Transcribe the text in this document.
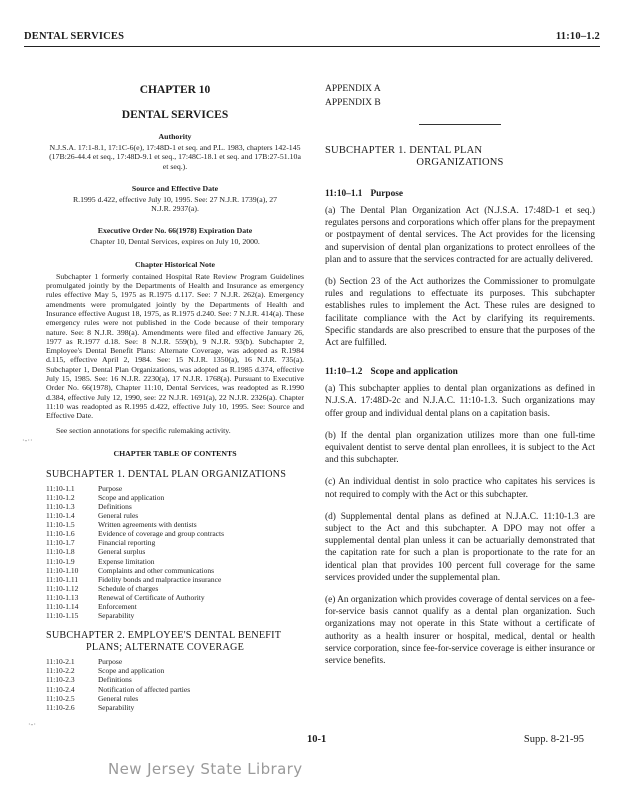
DENTAL SERVICES	11:10–1.2
CHAPTER 10
DENTAL SERVICES
Authority
N.J.S.A. 17:1-8.1, 17:1C-6(e), 17:48D-1 et seq. and P.L. 1983, chapters 142-145 (17B:26-44.4 et seq., 17:48D-9.1 et seq., 17:48C-18.1 et seq. and 17B:27-51.10a et seq.).
Source and Effective Date
R.1995 d.422, effective July 10, 1995. See: 27 N.J.R. 1739(a), 27 N.J.R. 2937(a).
Executive Order No. 66(1978) Expiration Date
Chapter 10, Dental Services, expires on July 10, 2000.
Chapter Historical Note
Subchapter 1 formerly contained Hospital Rate Review Program Guidelines promulgated jointly by the Departments of Health and Insurance as emergency rules effective May 5, 1975 as R.1975 d.117. See: 7 N.J.R. 262(a). Emergency amendments were promulgated jointly by the Departments of Health and Insurance effective August 18, 1975, as R.1975 d.240. See: 7 N.J.R. 414(a). These emergency rules were not published in the Code because of their temporary nature. See: 8 N.J.R. 398(a). Amendments were filed and effective January 26, 1977 as R.1977 d.18. See: 8 N.J.R. 559(b), 9 N.J.R. 93(b). Subchapter 2, Employee's Dental Benefit Plans: Alternate Coverage, was adopted as R.1984 d.115, effective April 2, 1984. See: 15 N.J.R. 1350(a), 16 N.J.R. 735(a). Subchapter 1, Dental Plan Organizations, was adopted as R.1985 d.374, effective July 15, 1985. See: 16 N.J.R. 2230(a), 17 N.J.R. 1768(a). Pursuant to Executive Order No. 66(1978), Chapter 11:10, Dental Services, was readopted as R.1990 d.384, effective July 12, 1990, see: 22 N.J.R. 1691(a), 22 N.J.R. 2326(a). Chapter 11:10 was readopted as R.1995 d.422, effective July 10, 1995. See: Source and Effective Date.
See section annotations for specific rulemaking activity.
CHAPTER TABLE OF CONTENTS
SUBCHAPTER 1. DENTAL PLAN ORGANIZATIONS
11:10-1.1	Purpose
11:10-1.2	Scope and application
11:10-1.3	Definitions
11:10-1.4	General rules
11:10-1.5	Written agreements with dentists
11:10-1.6	Evidence of coverage and group contracts
11:10-1.7	Financial reporting
11:10-1.8	General surplus
11:10-1.9	Expense limitation
11:10-1.10	Complaints and other communications
11:10-1.11	Fidelity bonds and malpractice insurance
11:10-1.12	Schedule of charges
11:10-1.13	Renewal of Certificate of Authority
11:10-1.14	Enforcement
11:10-1.15	Separability
SUBCHAPTER 2. EMPLOYEE'S DENTAL BENEFIT
PLANS; ALTERNATE COVERAGE
11:10-2.1	Purpose
11:10-2.2	Scope and application
11:10-2.3	Definitions
11:10-2.4	Notification of affected parties
11:10-2.5	General rules
11:10-2.6	Separability
APPENDIX A
APPENDIX B
SUBCHAPTER 1. DENTAL PLAN
ORGANIZATIONS
11:10–1.1 Purpose
(a) The Dental Plan Organization Act (N.J.S.A. 17:48D-1 et seq.) regulates persons and corporations which offer plans for the prepayment or postpayment of dental services. The Act provides for the licensing and supervision of dental plan organizations to protect enrollees of the plan and to assure that the services contracted for are actually delivered.
(b) Section 23 of the Act authorizes the Commissioner to promulgate rules and regulations to effectuate its purposes. This subchapter establishes rules to implement the Act. These rules are designed to facilitate compliance with the Act by clarifying its requirements. Specific standards are also prescribed to ensure that the purposes of the Act are fulfilled.
11:10–1.2 Scope and application
(a) This subchapter applies to dental plan organizations as defined in N.J.S.A. 17:48D-2c and N.J.A.C. 11:10-1.3. Such organizations may offer group and individual dental plans on a capitation basis.
(b) If the dental plan organization utilizes more than one full-time equivalent dentist to serve dental plan enrollees, it is subject to the Act and this subchapter.
(c) An individual dentist in solo practice who capitates his services is not required to comply with the Act or this subchapter.
(d) Supplemental dental plans as defined at N.J.A.C. 11:10-1.3 are subject to the Act and this subchapter. A DPO may not offer a supplemental dental plan unless it can be actuarially demonstrated that the capitation rate for such a plan is proportionate to the rate for an identical plan that provides 100 percent full coverage for the same services provided under the supplemental plan.
(e) An organization which provides coverage of dental services on a fee-for-service basis cannot qualify as a dental plan organization. Such organizations may not operate in this State without a certificate of authority as a health insurer or hospital, medical, dental or health service corporation, since fee-for-service coverage is either insurance or service benefits.
10-1	Supp. 8-21-95
New Jersey State Library
·-··
·-·
